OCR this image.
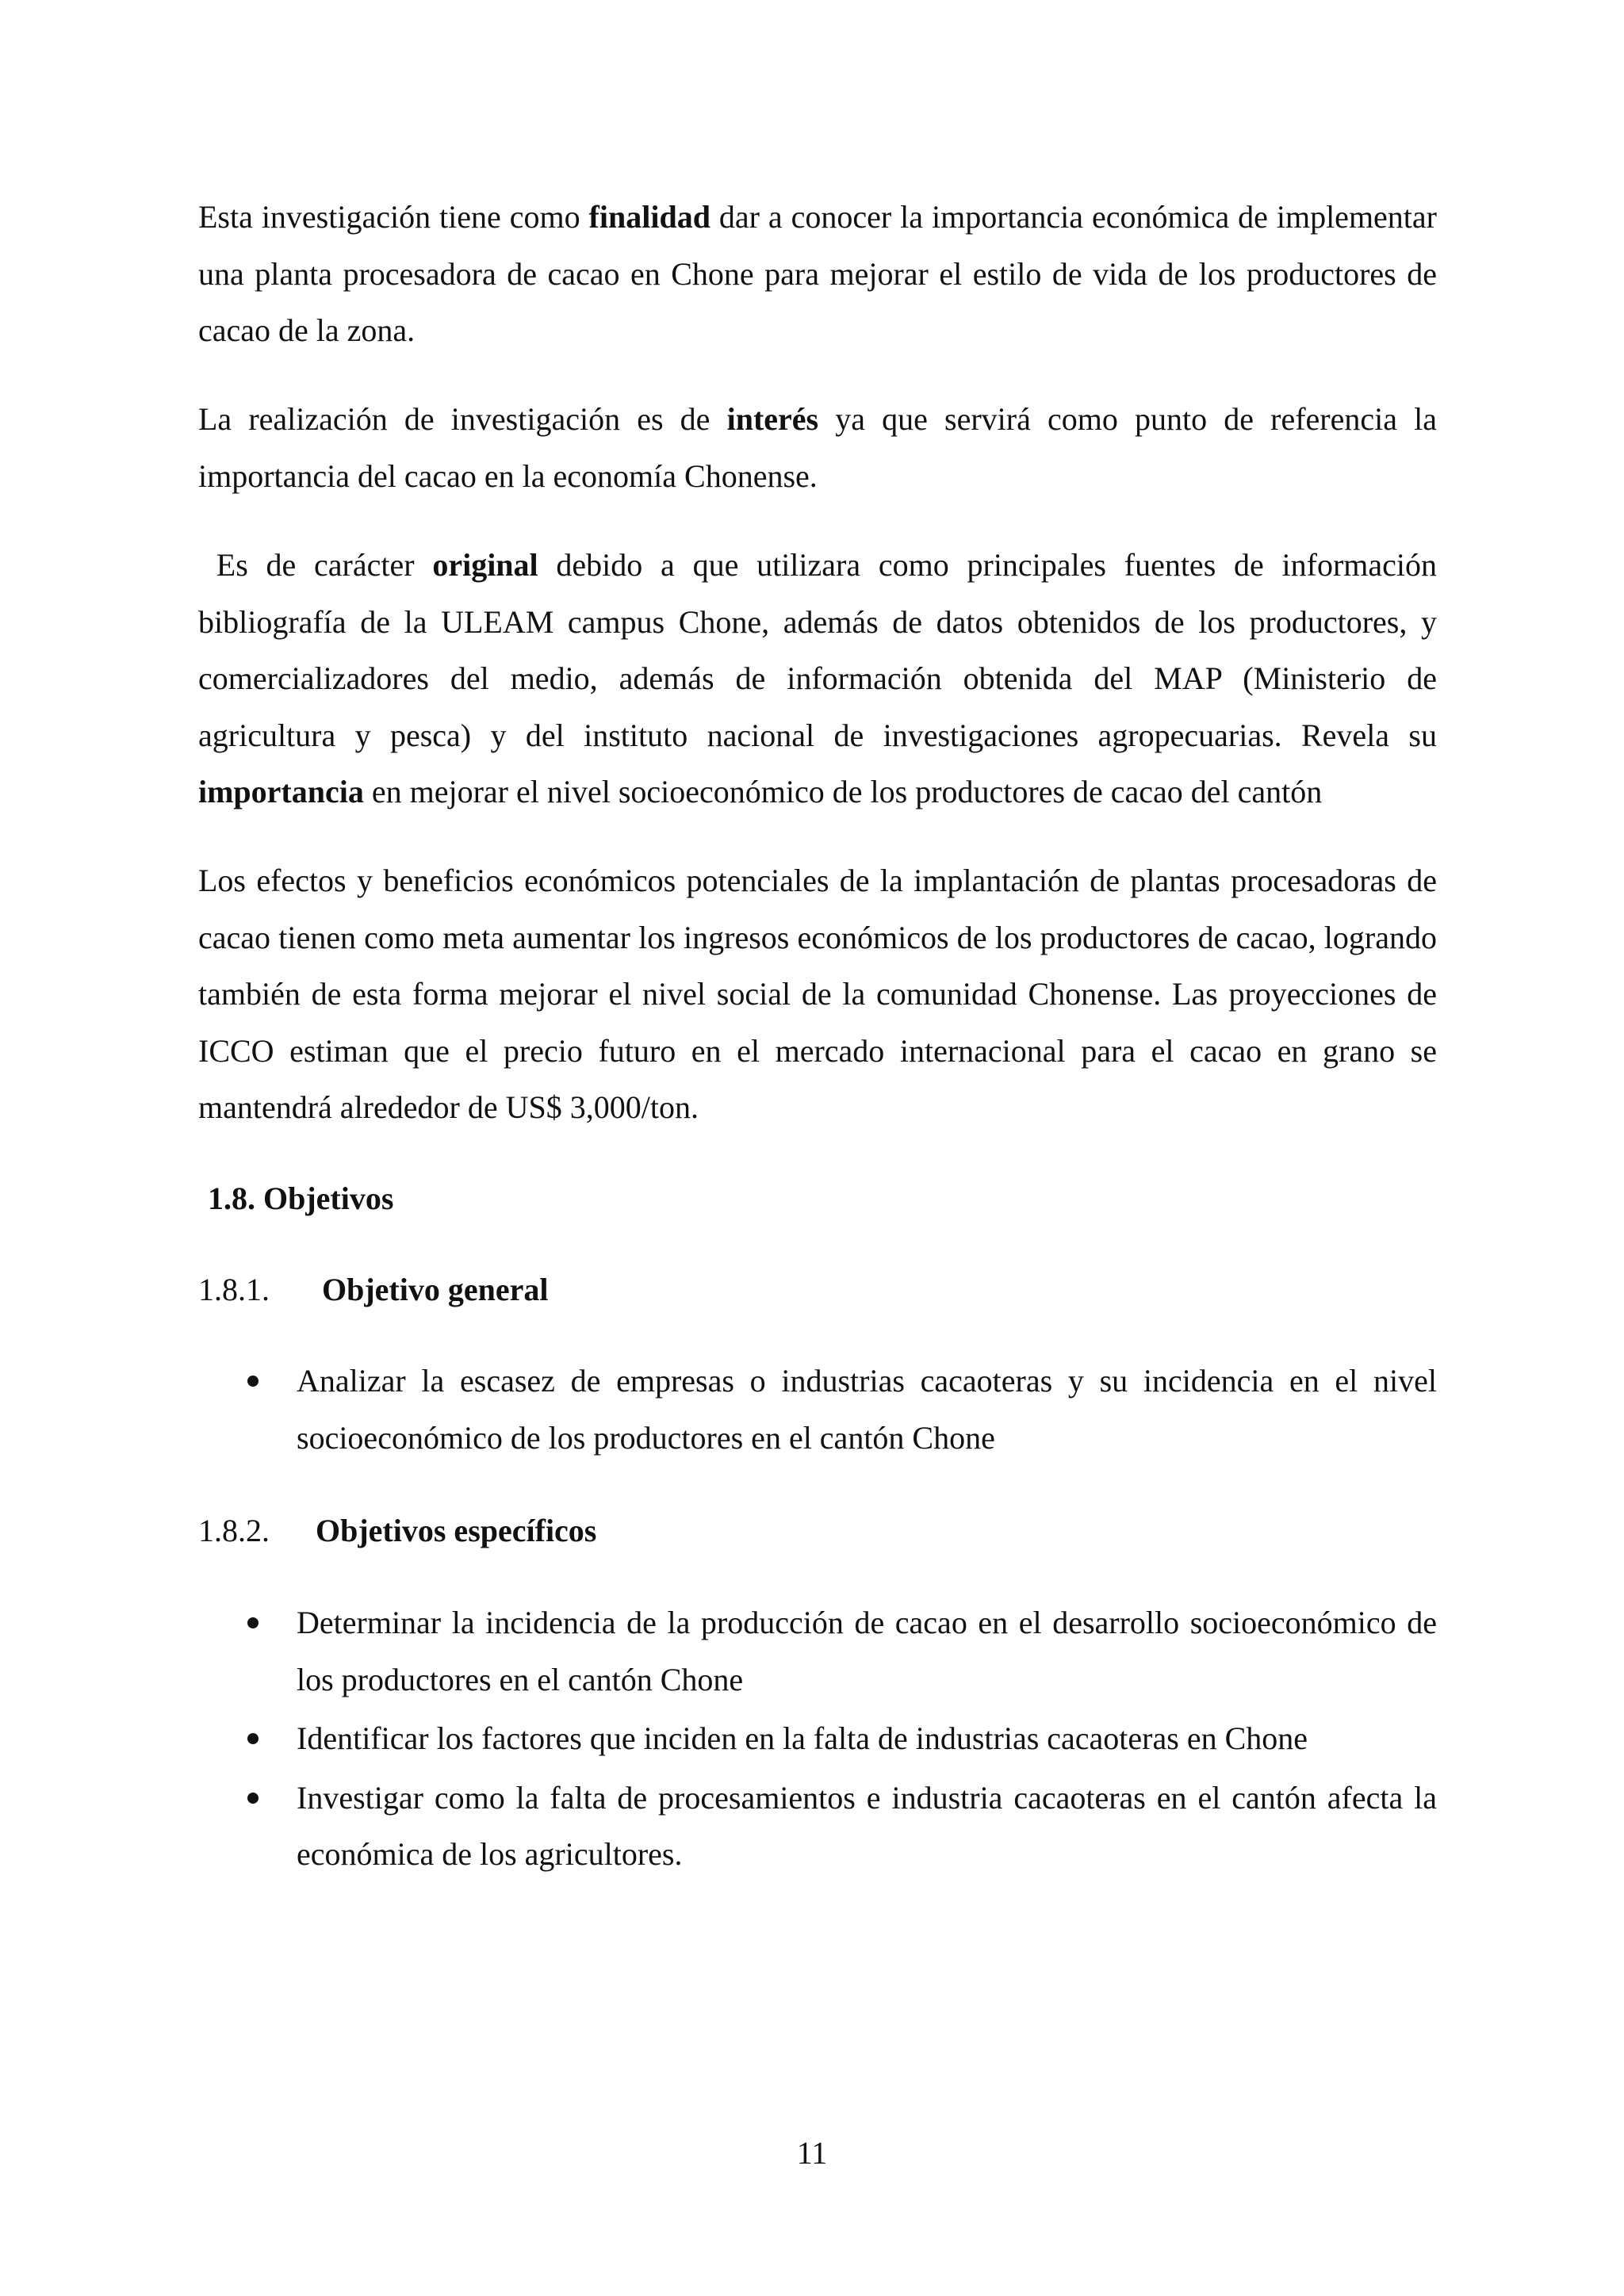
Esta investigación tiene como finalidad dar a conocer la importancia económica de implementar una planta procesadora de cacao en Chone para mejorar el estilo de vida de los productores de cacao de la zona.

La realización de investigación es de interés ya que servirá como punto de referencia la importancia del cacao en la economía Chonense.

Es de carácter original debido a que utilizara como principales fuentes de información bibliografía de la ULEAM campus Chone, además de datos obtenidos de los productores, y comercializadores del medio, además de información obtenida del MAP (Ministerio de agricultura y pesca) y del instituto nacional de investigaciones agropecuarias. Revela su importancia en mejorar el nivel socioeconómico de los productores de cacao del cantón

Los efectos y beneficios económicos potenciales de la implantación de plantas procesadoras de cacao tienen como meta aumentar los ingresos económicos de los productores de cacao, logrando también de esta forma mejorar el nivel social de la comunidad Chonense. Las proyecciones de ICCO estiman que el precio futuro en el mercado internacional para el cacao en grano se mantendrá alrededor de US$ 3,000/ton.

1.8. Objetivos
1.8.1. Objetivo general
Analizar la escasez de empresas o industrias cacaoteras y su incidencia en el nivel socioeconómico de los productores en el cantón Chone
1.8.2. Objetivos específicos
Determinar la incidencia de la producción de cacao en el desarrollo socioeconómico de los productores en el cantón Chone
Identificar los factores que inciden en la falta de industrias cacaoteras en Chone
Investigar como la falta de procesamientos e industria cacaoteras en el cantón afecta la económica de los agricultores.
11
